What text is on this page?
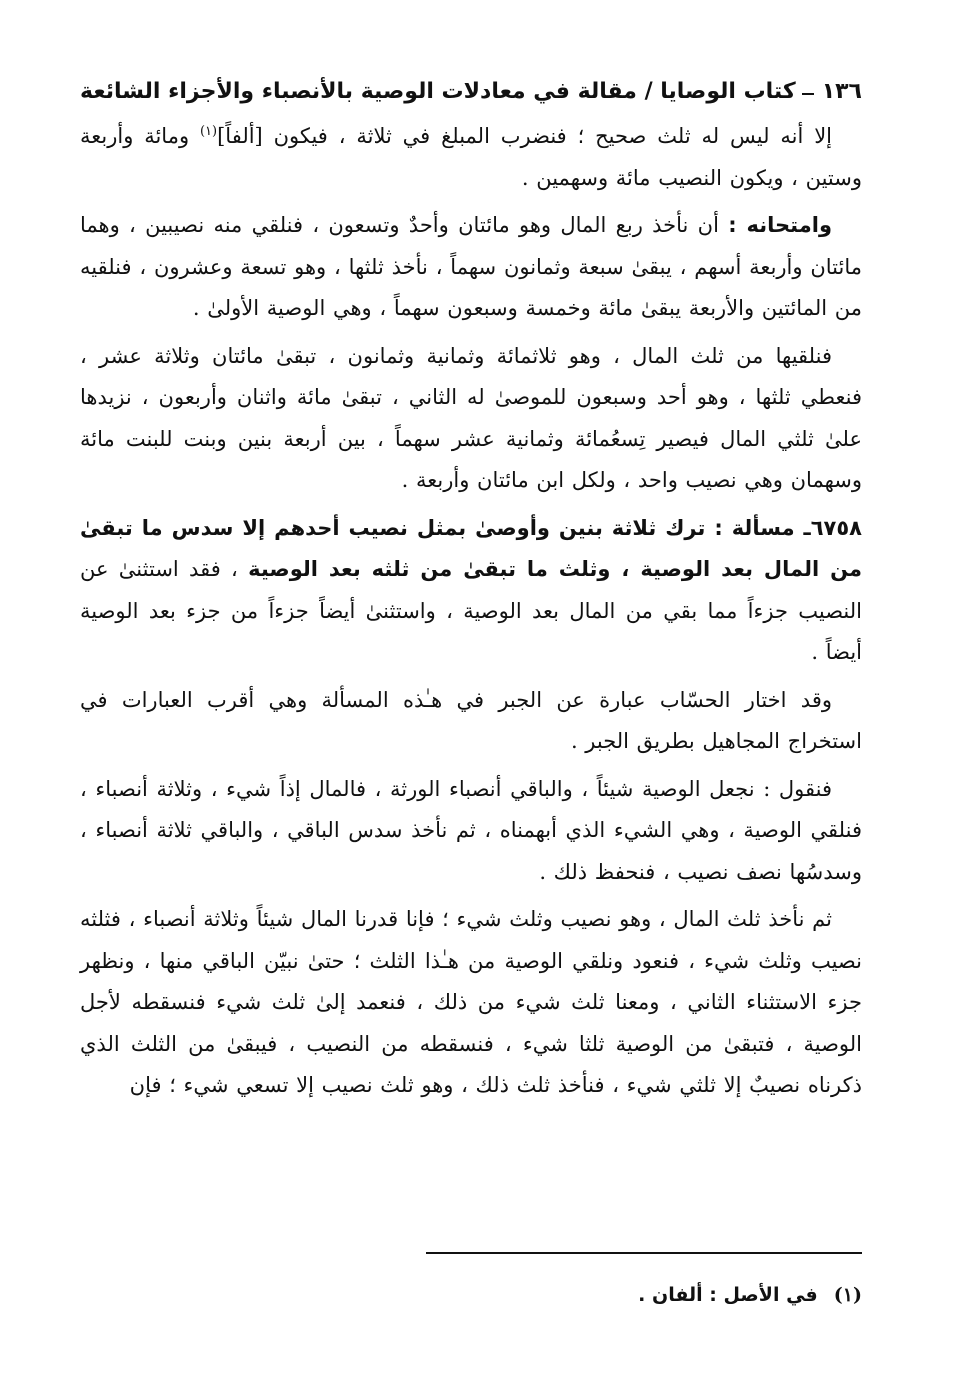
١٣٦
كتاب الوصايا / مقالة في معادلات الوصية بالأنصباء والأجزاء الشائعة

إلا أنه ليس له ثلث صحيح ؛ فنضرب المبلغ في ثلاثة ، فيكون [ألفاً]$^{(١)}$ ومائة وأربعة وستين ، ويكون النصيب مائة وسهمين .

وامتحانه : أن نأخذ ربع المال وهو مائتان وأحدٌ وتسعون ، فنلقي منه نصيبين ، وهما مائتان وأربعة أسهم ، يبقىٰ سبعة وثمانون سهماً ، نأخذ ثلثها ، وهو تسعة وعشرون ، فنلقيه من المائتين والأربعة يبقىٰ مائة وخمسة وسبعون سهماً ، وهي الوصية الأولىٰ .

فنلقيها من ثلث المال ، وهو ثلاثمائة وثمانية وثمانون ، تبقىٰ مائتان وثلاثة عشر ، فنعطي ثلثها ، وهو أحد وسبعون للموصىٰ له الثاني ، تبقىٰ مائة واثنان وأربعون ، نزيدها علىٰ ثلثي المال فيصير تِسعُمائة وثمانية عشر سهماً ، بين أربعة بنين وبنت للبنت مائة وسهمان وهي نصيب واحد ، ولكل ابن مائتان وأربعة .

٦٧٥٨ـ مسألة : ترك ثلاثة بنين وأوصىٰ بمثل نصيب أحدهم إلا سدس ما تبقىٰ من المال بعد الوصية ، وثلث ما تبقىٰ من ثلثه بعد الوصية ، فقد استثنىٰ عن النصيب جزءاً مما بقي من المال بعد الوصية ، واستثنىٰ أيضاً جزءاً من جزء بعد الوصية أيضاً .

وقد اختار الحسّاب عبارة عن الجبر في هـٰذه المسألة وهي أقرب العبارات في استخراج المجاهيل بطريق الجبر .

فنقول : نجعل الوصية شيئاً ، والباقي أنصباء الورثة ، فالمال إذاً شيء ، وثلاثة أنصباء ، فنلقي الوصية ، وهي الشيء الذي أبهمناه ، ثم نأخذ سدس الباقي ، والباقي ثلاثة أنصباء ، وسدسُها نصف نصيب ، فنحفظ ذلك .

ثم نأخذ ثلث المال ، وهو نصيب وثلث شيء ؛ فإنا قدرنا المال شيئاً وثلاثة أنصباء ، فثلثه نصيب وثلث شيء ، فنعود ونلقي الوصية من هـٰذا الثلث ؛ حتىٰ نبيّن الباقي منها ، ونظهر جزء الاستثناء الثاني ، ومعنا ثلث شيء من ذلك ، فنعمد إلىٰ ثلث شيء فنسقطه لأجل الوصية ، فتبقىٰ من الوصية ثلثا شيء ، فنسقطه من النصيب ، فيبقىٰ من الثلث الذي ذكرناه نصيبٌ إلا ثلثي شيء ، فنأخذ ثلث ذلك ، وهو ثلث نصيب إلا تسعي شيء ؛ فإن

(١) في الأصل : ألفان .
